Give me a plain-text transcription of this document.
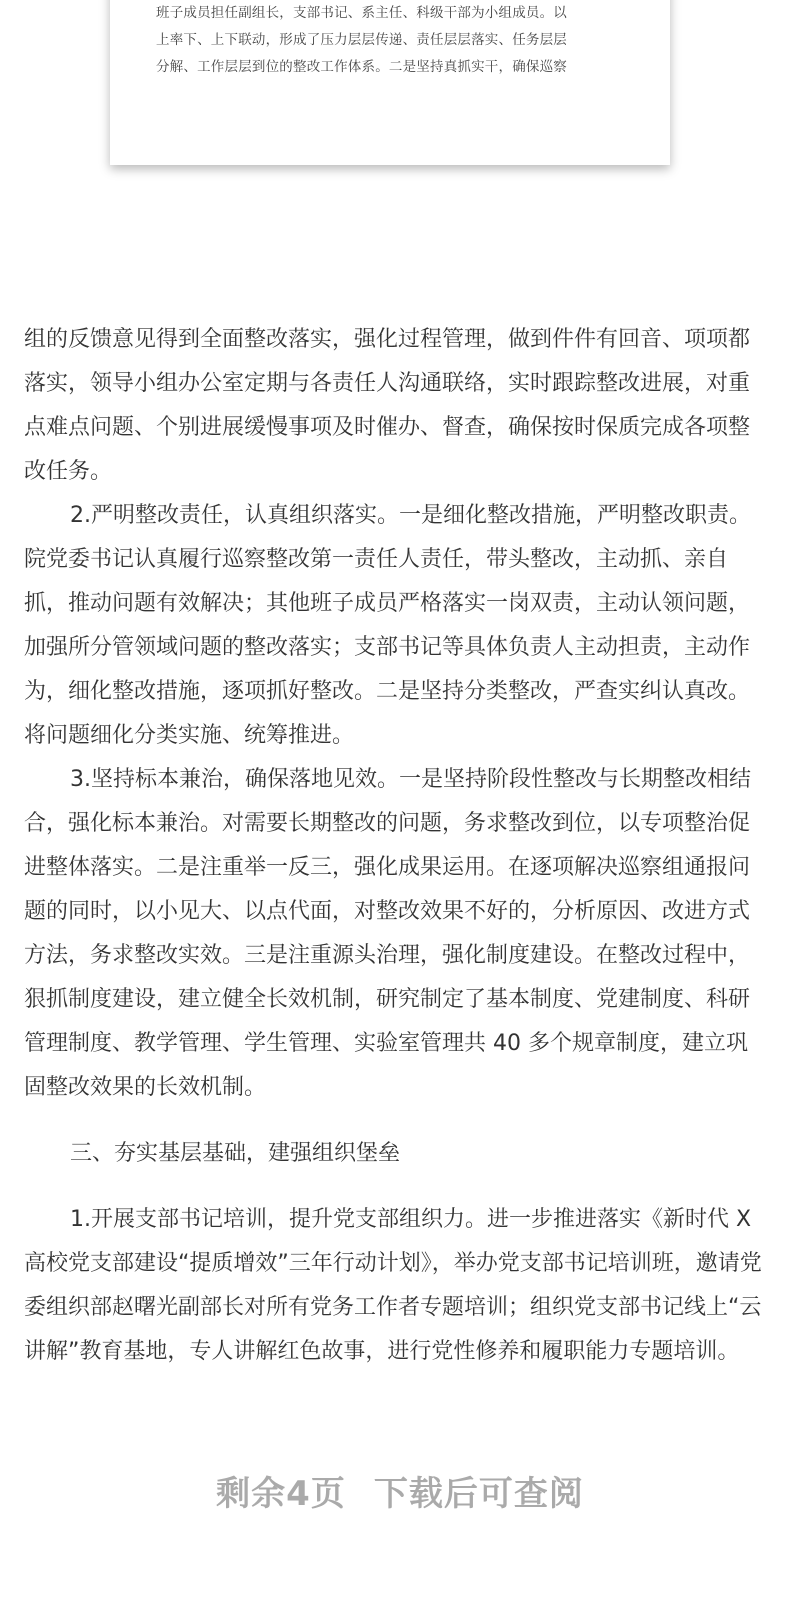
班子成员担任副组长，支部书记、系主任、科级干部为小组成员。以

上率下、上下联动，形成了压力层层传递、责任层层落实、任务层层

分解、工作层层到位的整改工作体系。二是坚持真抓实干，确保巡察

组的反馈意见得到全面整改落实，强化过程管理，做到件件有回音、项项都落实，领导小组办公室定期与各责任人沟通联络，实时跟踪整改进展，对重点难点问题、个别进展缓慢事项及时催办、督查，确保按时保质完成各项整改任务。

2.严明整改责任，认真组织落实。一是细化整改措施，严明整改职责。院党委书记认真履行巡察整改第一责任人责任，带头整改，主动抓、亲自抓，推动问题有效解决；其他班子成员严格落实一岗双责，主动认领问题，加强所分管领域问题的整改落实；支部书记等具体负责人主动担责，主动作为，细化整改措施，逐项抓好整改。二是坚持分类整改，严查实纠认真改。将问题细化分类实施、统筹推进。

3.坚持标本兼治，确保落地见效。一是坚持阶段性整改与长期整改相结合，强化标本兼治。对需要长期整改的问题，务求整改到位，以专项整治促进整体落实。二是注重举一反三，强化成果运用。在逐项解决巡察组通报问题的同时，以小见大、以点代面，对整改效果不好的，分析原因、改进方式方法，务求整改实效。三是注重源头治理，强化制度建设。在整改过程中，狠抓制度建设，建立健全长效机制，研究制定了基本制度、党建制度、科研管理制度、教学管理、学生管理、实验室管理共 40 多个规章制度，建立巩固整改效果的长效机制。

三、夯实基层基础，建强组织堡垒

1.开展支部书记培训，提升党支部组织力。进一步推进落实《新时代 X 高校党支部建设“提质增效”三年行动计划》，举办党支部书记培训班，邀请党委组织部赵曙光副部长对所有党务工作者专题培训；组织党支部书记线上“云讲解”教育基地，专人讲解红色故事，进行党性修养和履职能力专题培训。

剩余4页 下载后可查阅
